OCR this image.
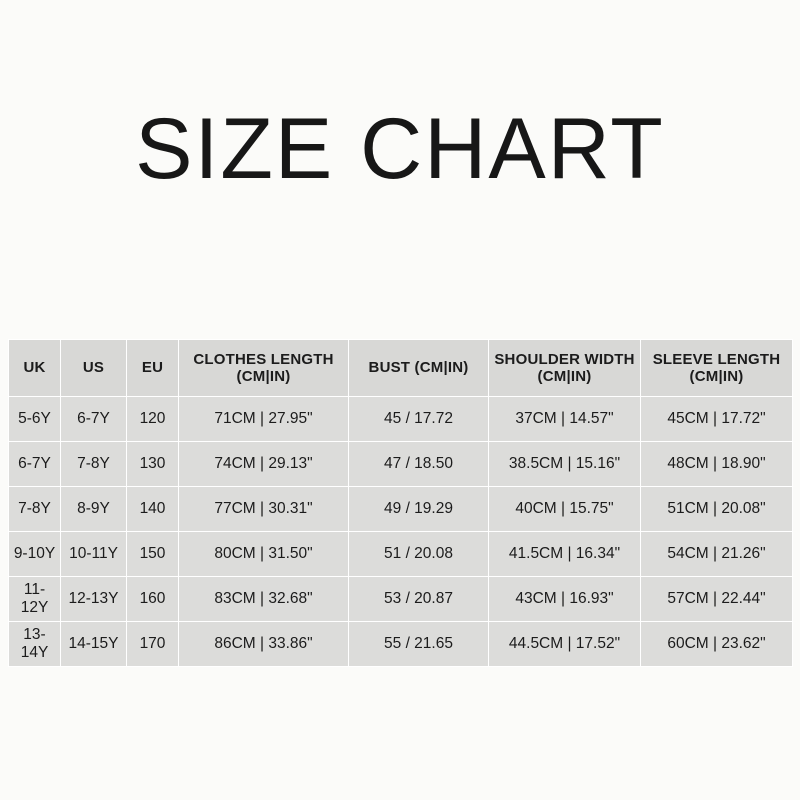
SIZE CHART
UK	US	EU	CLOTHES LENGTH (CM|IN)	BUST (CM|IN)	SHOULDER WIDTH (CM|IN)	SLEEVE LENGTH (CM|IN)
5-6Y	6-7Y	120	71CM | 27.95"	45 / 17.72	37CM | 14.57"	45CM | 17.72"
6-7Y	7-8Y	130	74CM | 29.13"	47 / 18.50	38.5CM | 15.16"	48CM | 18.90"
7-8Y	8-9Y	140	77CM | 30.31"	49 / 19.29	40CM | 15.75"	51CM | 20.08"
9-10Y	10-11Y	150	80CM | 31.50"	51 / 20.08	41.5CM | 16.34"	54CM | 21.26"
11-12Y	12-13Y	160	83CM | 32.68"	53 / 20.87	43CM | 16.93"	57CM | 22.44"
13-14Y	14-15Y	170	86CM | 33.86"	55 / 21.65	44.5CM | 17.52"	60CM | 23.62"
